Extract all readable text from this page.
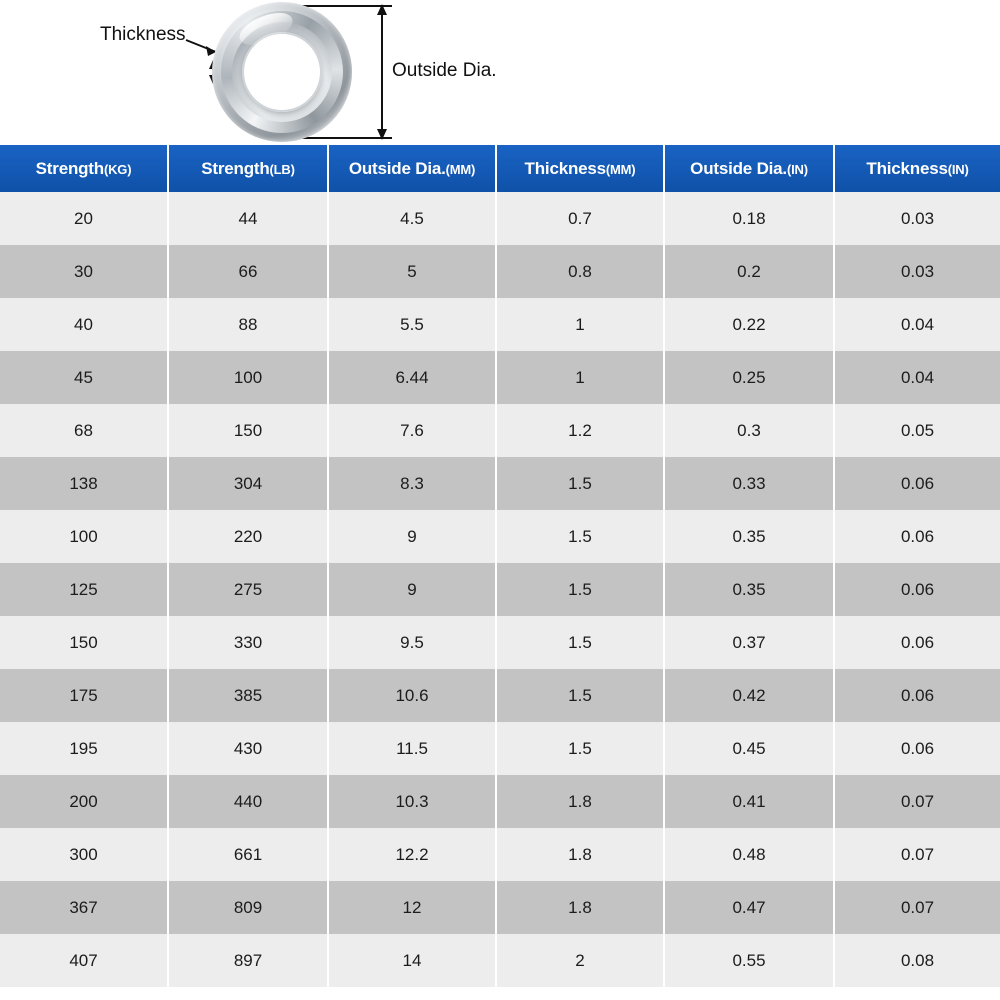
Thickness
Outside Dia.
Strength(KG)	Strength(LB)	Outside Dia.(MM)	Thickness(MM)	Outside Dia.(IN)	Thickness(IN)
20	44	4.5	0.7	0.18	0.03
30	66	5	0.8	0.2	0.03
40	88	5.5	1	0.22	0.04
45	100	6.44	1	0.25	0.04
68	150	7.6	1.2	0.3	0.05
138	304	8.3	1.5	0.33	0.06
100	220	9	1.5	0.35	0.06
125	275	9	1.5	0.35	0.06
150	330	9.5	1.5	0.37	0.06
175	385	10.6	1.5	0.42	0.06
195	430	11.5	1.5	0.45	0.06
200	440	10.3	1.8	0.41	0.07
300	661	12.2	1.8	0.48	0.07
367	809	12	1.8	0.47	0.07
407	897	14	2	0.55	0.08
